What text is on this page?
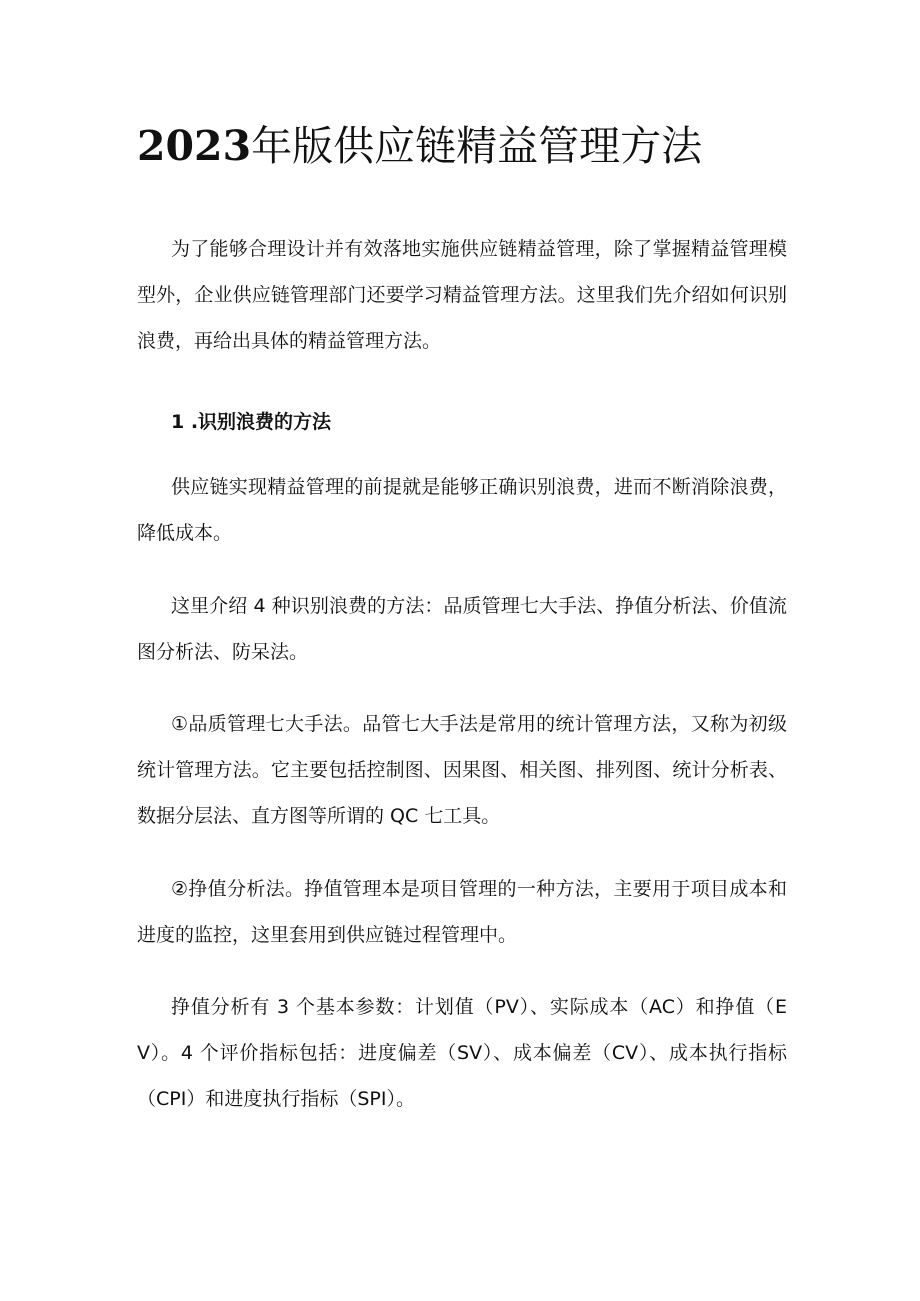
2023年版供应链精益管理方法

为了能够合理设计并有效落地实施供应链精益管理，除了掌握精益管理模型外，企业供应链管理部门还要学习精益管理方法。这里我们先介绍如何识别浪费，再给出具体的精益管理方法。

1 .识别浪费的方法

供应链实现精益管理的前提就是能够正确识别浪费，进而不断消除浪费，降低成本。

这里介绍 4 种识别浪费的方法：品质管理七大手法、挣值分析法、价值流图分析法、防呆法。

①品质管理七大手法。品管七大手法是常用的统计管理方法，又称为初级统计管理方法。它主要包括控制图、因果图、相关图、排列图、统计分析表、数据分层法、直方图等所谓的 QC 七工具。

②挣值分析法。挣值管理本是项目管理的一种方法，主要用于项目成本和进度的监控，这里套用到供应链过程管理中。

挣值分析有 3 个基本参数：计划值（PV）、实际成本（AC）和挣值（EV）。4 个评价指标包括：进度偏差（SV）、成本偏差（CV）、成本执行指标（CPI）和进度执行指标（SPI）。
